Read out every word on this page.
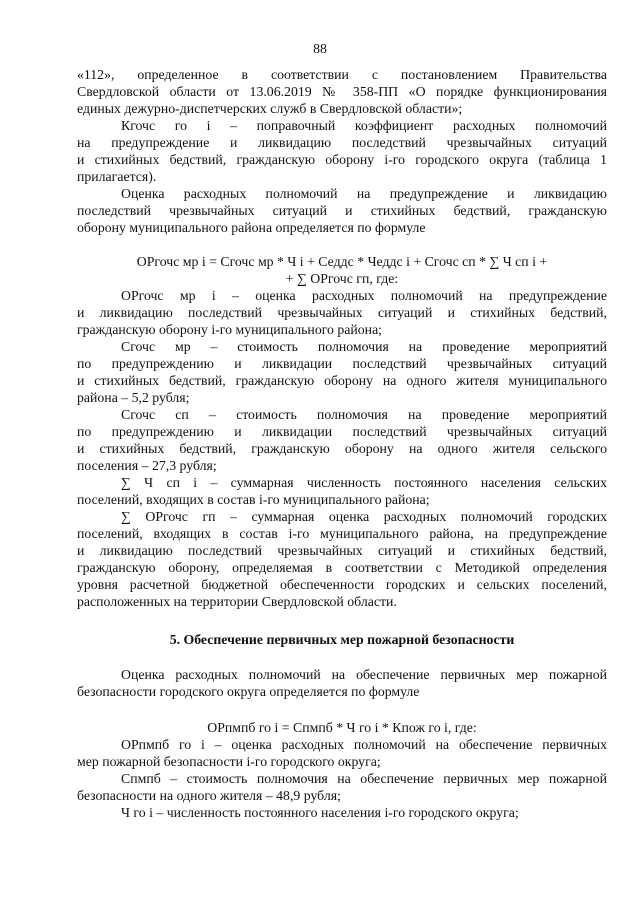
88
«112», определенное в соответствии с постановлением Правительства
Свердловской области от 13.06.2019 № 358-ПП «О порядке функционирования
единых дежурно-диспетчерских служб в Свердловской области»;
Кгочс го i – поправочный коэффициент расходных полномочий
на предупреждение и ликвидацию последствий чрезвычайных ситуаций
и стихийных бедствий, гражданскую оборону i-го городского округа (таблица 1
прилагается).
Оценка расходных полномочий на предупреждение и ликвидацию
последствий чрезвычайных ситуаций и стихийных бедствий, гражданскую
оборону муниципального района определяется по формуле
ОРгочс мр i = Сгочс мр * Ч i + Седдс * Чеддс i + Сгочс сп * ∑ Ч сп i +
+ ∑ ОРгочс гп, где:
ОРгочс мр i – оценка расходных полномочий на предупреждение
и ликвидацию последствий чрезвычайных ситуаций и стихийных бедствий,
гражданскую оборону i-го муниципального района;
Сгочс мр – стоимость полномочия на проведение мероприятий
по предупреждению и ликвидации последствий чрезвычайных ситуаций
и стихийных бедствий, гражданскую оборону на одного жителя муниципального
района – 5,2 рубля;
Сгочс сп – стоимость полномочия на проведение мероприятий
по предупреждению и ликвидации последствий чрезвычайных ситуаций
и стихийных бедствий, гражданскую оборону на одного жителя сельского
поселения – 27,3 рубля;
∑ Ч сп i – суммарная численность постоянного населения сельских
поселений, входящих в состав i-го муниципального района;
∑ ОРгочс гп – суммарная оценка расходных полномочий городских
поселений, входящих в состав i-го муниципального района, на предупреждение
и ликвидацию последствий чрезвычайных ситуаций и стихийных бедствий,
гражданскую оборону, определяемая в соответствии с Методикой определения
уровня расчетной бюджетной обеспеченности городских и сельских поселений,
расположенных на территории Свердловской области.
5. Обеспечение первичных мер пожарной безопасности
Оценка расходных полномочий на обеспечение первичных мер пожарной
безопасности городского округа определяется по формуле
ОРпмпб го i = Спмпб * Ч го i * Кпож го i, где:
ОРпмпб го i – оценка расходных полномочий на обеспечение первичных
мер пожарной безопасности i-го городского округа;
Спмпб – стоимость полномочия на обеспечение первичных мер пожарной
безопасности на одного жителя – 48,9 рубля;
Ч го i – численность постоянного населения i-го городского округа;
